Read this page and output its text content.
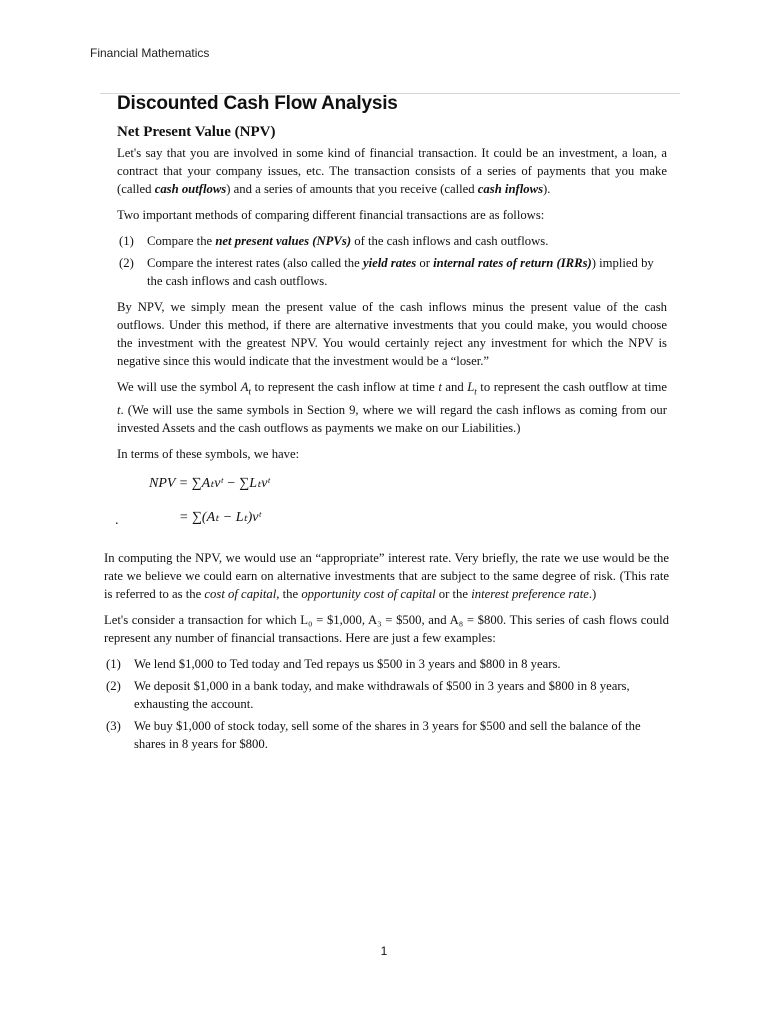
Financial Mathematics
Discounted Cash Flow Analysis
Net Present Value (NPV)

Let's say that you are involved in some kind of financial transaction. It could be an investment, a loan, a contract that your company issues, etc. The transaction consists of a series of payments that you make (called cash outflows) and a series of amounts that you receive (called cash inflows).

Two important methods of comparing different financial transactions are as follows:

(1) Compare the net present values (NPVs) of the cash inflows and cash outflows.
(2) Compare the interest rates (also called the yield rates or internal rates of return (IRRs)) implied by the cash inflows and cash outflows.

By NPV, we simply mean the present value of the cash inflows minus the present value of the cash outflows. Under this method, if there are alternative investments that you could make, you would choose the investment with the greatest NPV. You would certainly reject any investment for which the NPV is negative since this would indicate that the investment would be a “loser.”

We will use the symbol $A_t$ to represent the cash inflow at time t and $L_t$ to represent the cash outflow at time t. (We will use the same symbols in Section 9, where we will regard the cash inflows as coming from our invested Assets and the cash outflows as payments we make on our Liabilities.)

In terms of these symbols, we have:

NPV = ∑Aₜvᵗ − ∑Lₜvᵗ
.	= ∑(Aₜ − Lₜ)vᵗ

In computing the NPV, we would use an “appropriate” interest rate. Very briefly, the rate we use would be the rate we believe we could earn on alternative investments that are subject to the same degree of risk. (This rate is referred to as the cost of capital, the opportunity cost of capital or the interest preference rate.)

Let's consider a transaction for which L₀ = $1,000, A₃ = $500, and A₈ = $800. This series of cash flows could represent any number of financial transactions. Here are just a few examples:

(1) We lend $1,000 to Ted today and Ted repays us $500 in 3 years and $800 in 8 years.
(2) We deposit $1,000 in a bank today, and make withdrawals of $500 in 3 years and $800 in 8 years, exhausting the account.
(3) We buy $1,000 of stock today, sell some of the shares in 3 years for $500 and sell the balance of the shares in 8 years for $800.
1
